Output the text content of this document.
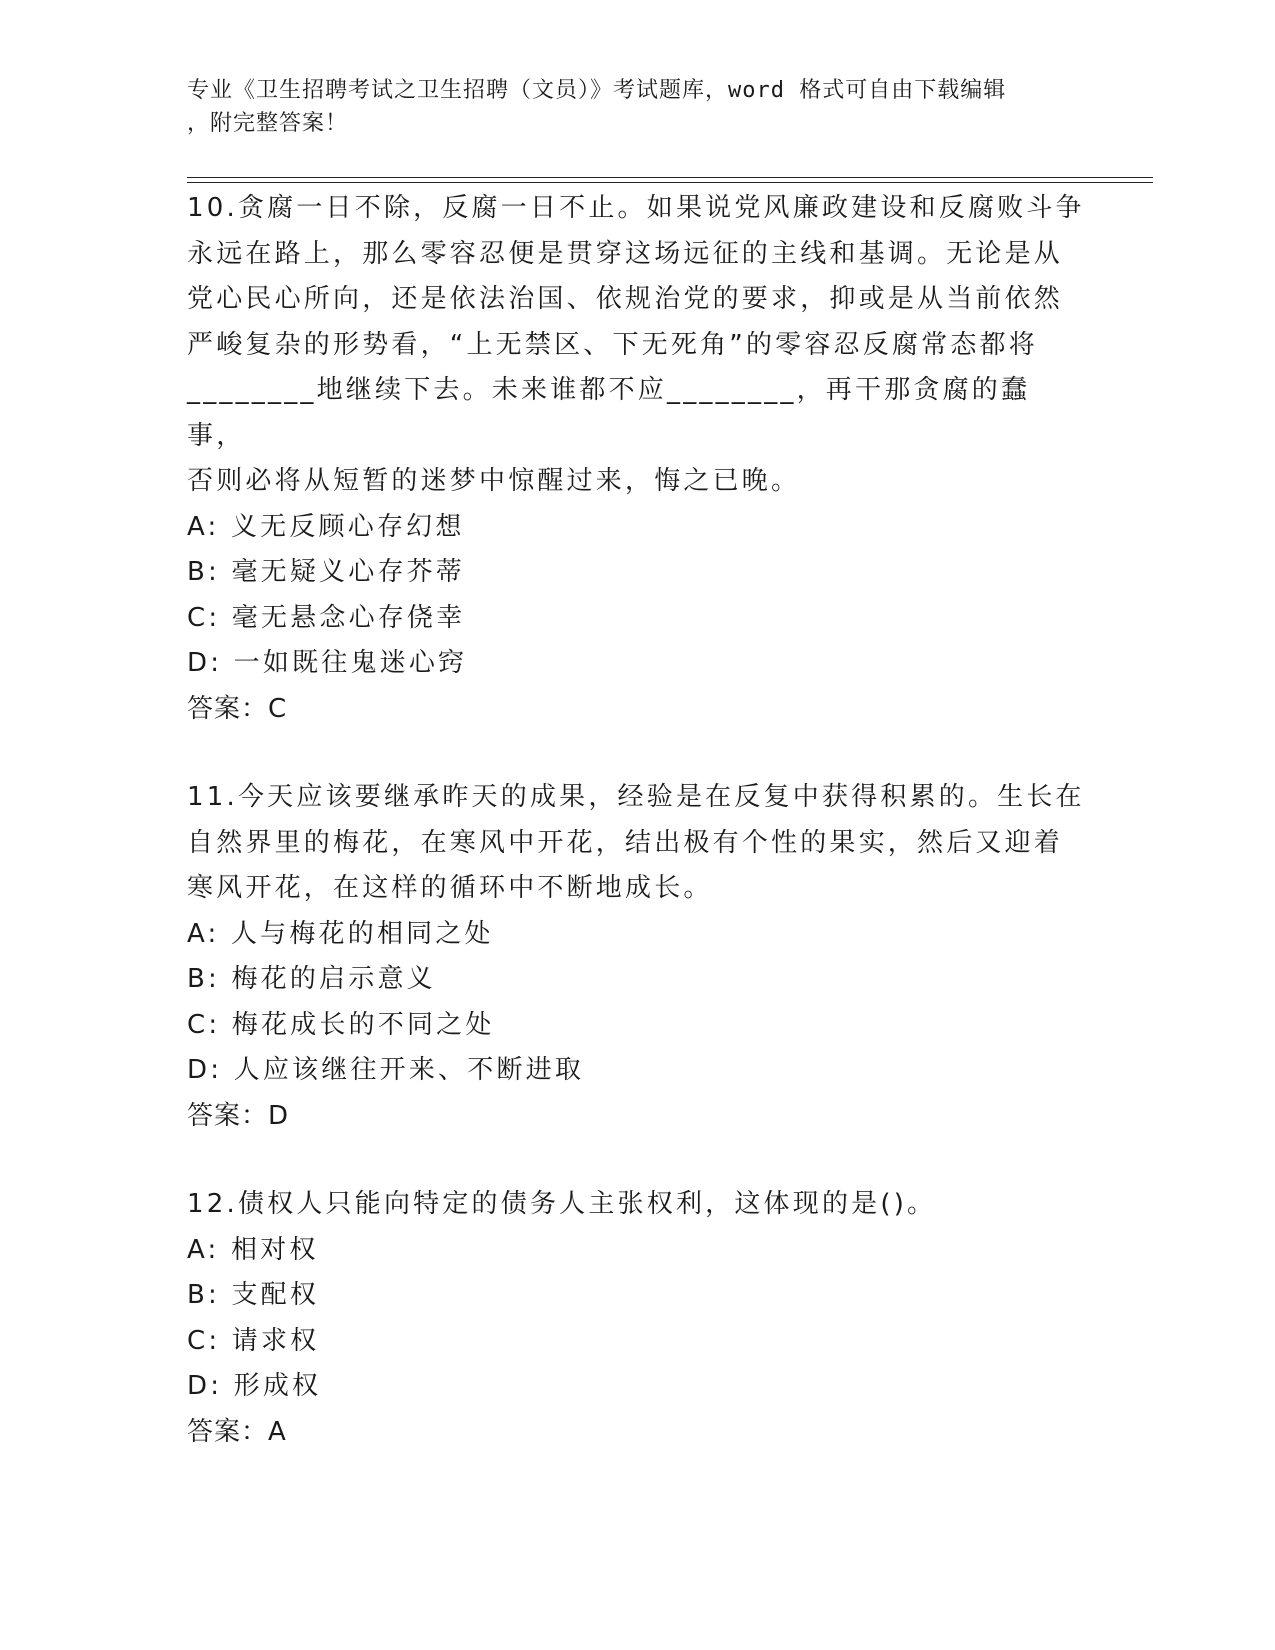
专业《卫生招聘考试之卫生招聘（文员）》考试题库，word 格式可自由下载编辑
，附完整答案！

10.贪腐一日不除，反腐一日不止。如果说党风廉政建设和反腐败斗争

永远在路上，那么零容忍便是贯穿这场远征的主线和基调。无论是从

党心民心所向，还是依法治国、依规治党的要求，抑或是从当前依然

严峻复杂的形势看，“上无禁区、下无死角”的零容忍反腐常态都将

________地继续下去。未来谁都不应________，再干那贪腐的蠢事，

否则必将从短暂的迷梦中惊醒过来，悔之已晚。

A: 义无反顾心存幻想

B: 毫无疑义心存芥蒂

C: 毫无悬念心存侥幸

D: 一如既往鬼迷心窍

答案：C

11.今天应该要继承昨天的成果，经验是在反复中获得积累的。生长在

自然界里的梅花，在寒风中开花，结出极有个性的果实，然后又迎着

寒风开花，在这样的循环中不断地成长。

A: 人与梅花的相同之处

B: 梅花的启示意义

C: 梅花成长的不同之处

D: 人应该继往开来、不断进取

答案：D

12.债权人只能向特定的债务人主张权利，这体现的是()。

A: 相对权

B: 支配权

C: 请求权

D: 形成权

答案：A
